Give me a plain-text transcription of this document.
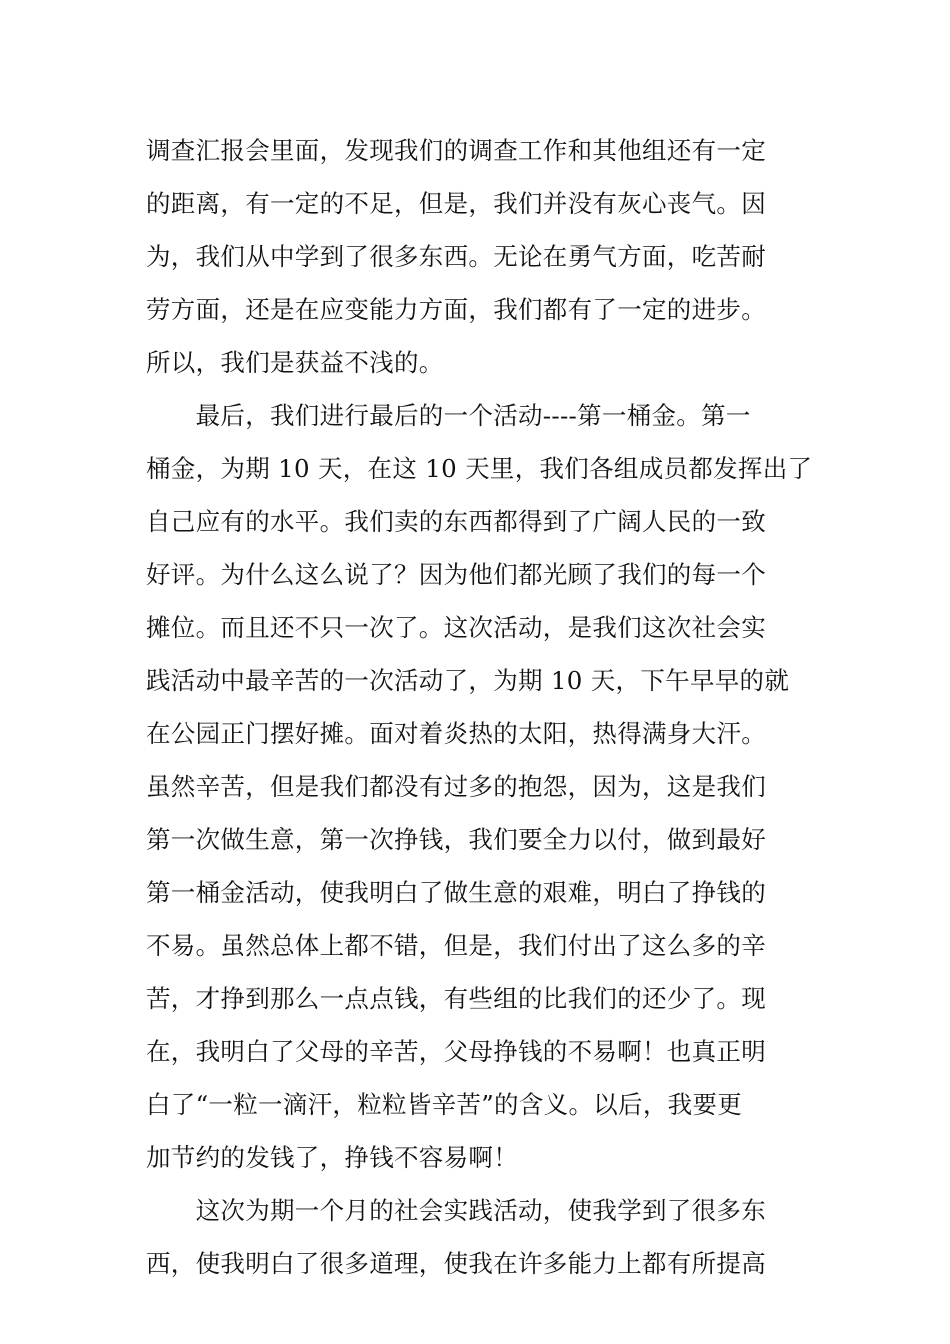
调查汇报会里面，发现我们的调查工作和其他组还有一定
的距离，有一定的不足，但是，我们并没有灰心丧气。因
为，我们从中学到了很多东西。无论在勇气方面，吃苦耐
劳方面，还是在应变能力方面，我们都有了一定的进步。
所以，我们是获益不浅的。
　　最后，我们进行最后的一个活动----第一桶金。第一
桶金，为期 10 天，在这 10 天里，我们各组成员都发挥出了
自己应有的水平。我们卖的东西都得到了广阔人民的一致
好评。为什么这么说了？因为他们都光顾了我们的每一个
摊位。而且还不只一次了。这次活动，是我们这次社会实
践活动中最辛苦的一次活动了，为期 10 天，下午早早的就
在公园正门摆好摊。面对着炎热的太阳，热得满身大汗。
虽然辛苦，但是我们都没有过多的抱怨，因为，这是我们
第一次做生意，第一次挣钱，我们要全力以付，做到最好
第一桶金活动，使我明白了做生意的艰难，明白了挣钱的
不易。虽然总体上都不错，但是，我们付出了这么多的辛
苦，才挣到那么一点点钱，有些组的比我们的还少了。现
在，我明白了父母的辛苦，父母挣钱的不易啊！也真正明
白了“一粒一滴汗，粒粒皆辛苦”的含义。以后，我要更
加节约的发钱了，挣钱不容易啊！
　　这次为期一个月的社会实践活动，使我学到了很多东
西，使我明白了很多道理，使我在许多能力上都有所提高
